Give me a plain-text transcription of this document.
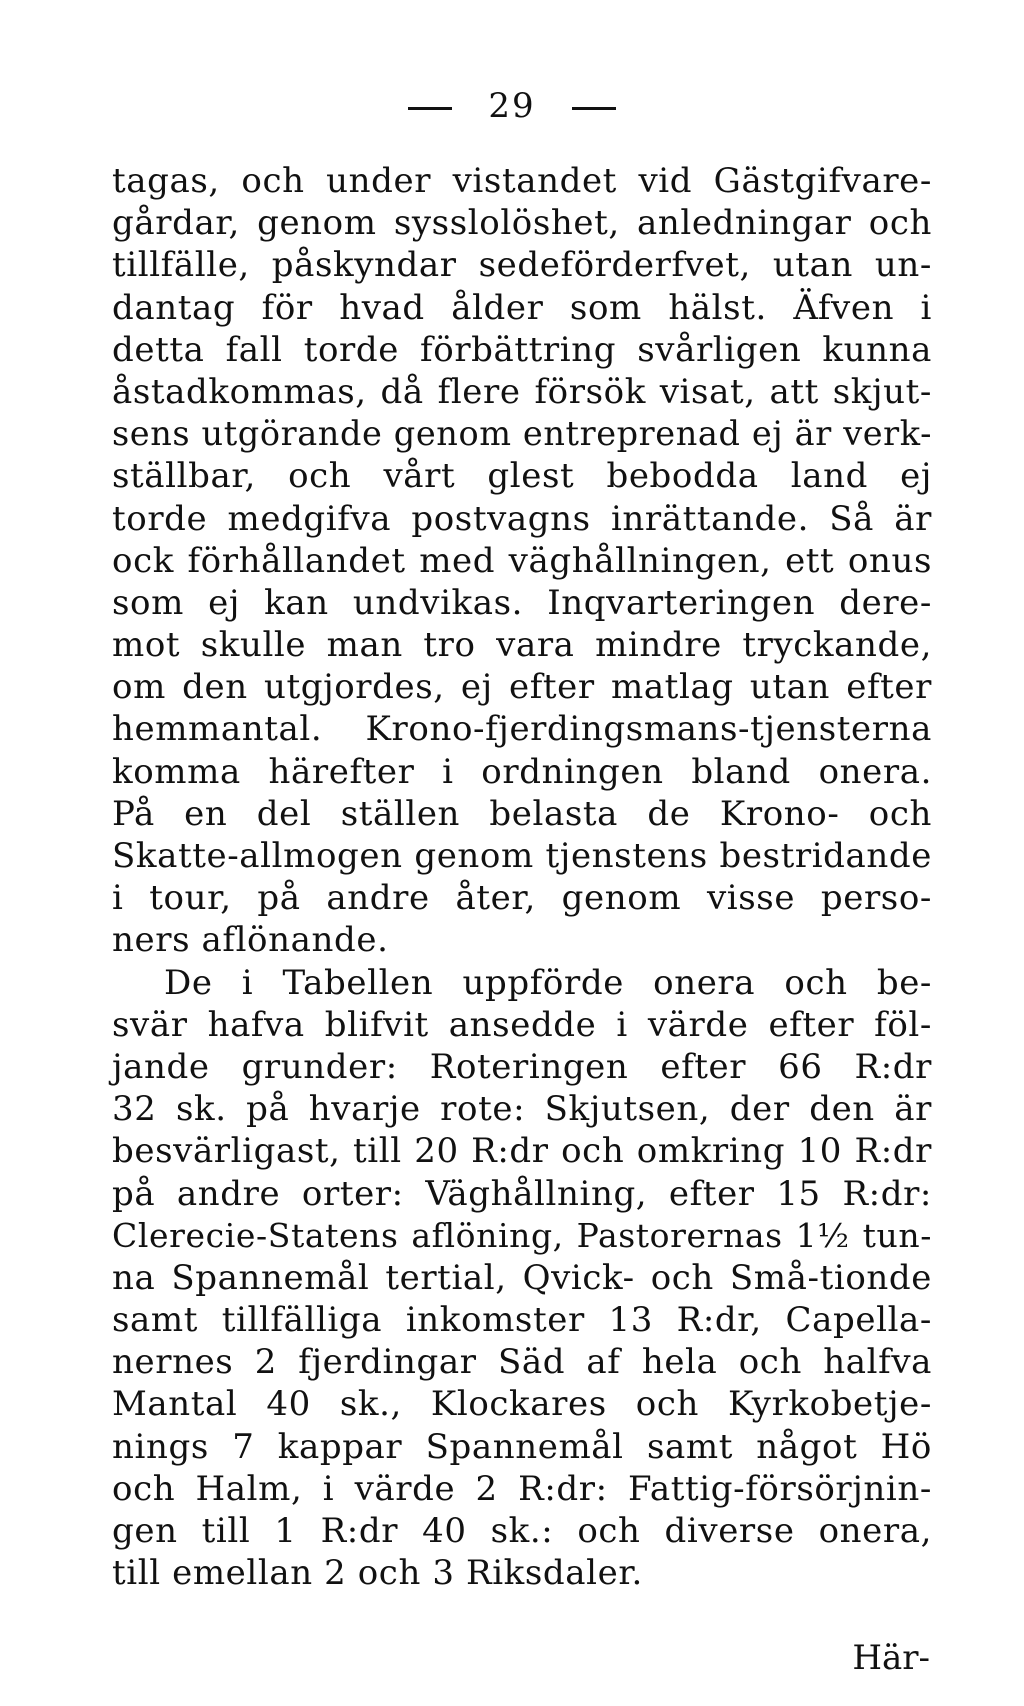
29
tagas, och under vistandet vid Gästgifvare-
gårdar, genom sysslolöshet, anledningar och
tillfälle, påskyndar sedeförderfvet, utan un-
dantag för hvad ålder som hälst. Äfven i
detta fall torde förbättring svårligen kunna
åstadkommas, då flere försök visat, att skjut-
sens utgörande genom entreprenad ej är verk-
ställbar, och vårt glest bebodda land ej
torde medgifva postvagns inrättande. Så är
ock förhållandet med väghållningen, ett onus
som ej kan undvikas. Inqvarteringen dere-
mot skulle man tro vara mindre tryckande,
om den utgjordes, ej efter matlag utan efter
hemmantal. Krono-fjerdingsmans-tjensterna
komma härefter i ordningen bland onera.
På en del ställen belasta de Krono- och
Skatte-allmogen genom tjenstens bestridande
i tour, på andre åter, genom visse perso-
ners aflönande.
De i Tabellen uppförde onera och be-
svär hafva blifvit ansedde i värde efter föl-
jande grunder: Roteringen efter 66 R:dr
32 sk. på hvarje rote: Skjutsen, der den är
besvärligast, till 20 R:dr och omkring 10 R:dr
på andre orter: Väghållning, efter 15 R:dr:
Clerecie-Statens aflöning, Pastorernas 1½ tun-
na Spannemål tertial, Qvick- och Små-tionde
samt tillfälliga inkomster 13 R:dr, Capella-
nernes 2 fjerdingar Säd af hela och halfva
Mantal 40 sk., Klockares och Kyrkobetje-
nings 7 kappar Spannemål samt något Hö
och Halm, i värde 2 R:dr: Fattig-försörjnin-
gen till 1 R:dr 40 sk.: och diverse onera,
till emellan 2 och 3 Riksdaler.
Här-
